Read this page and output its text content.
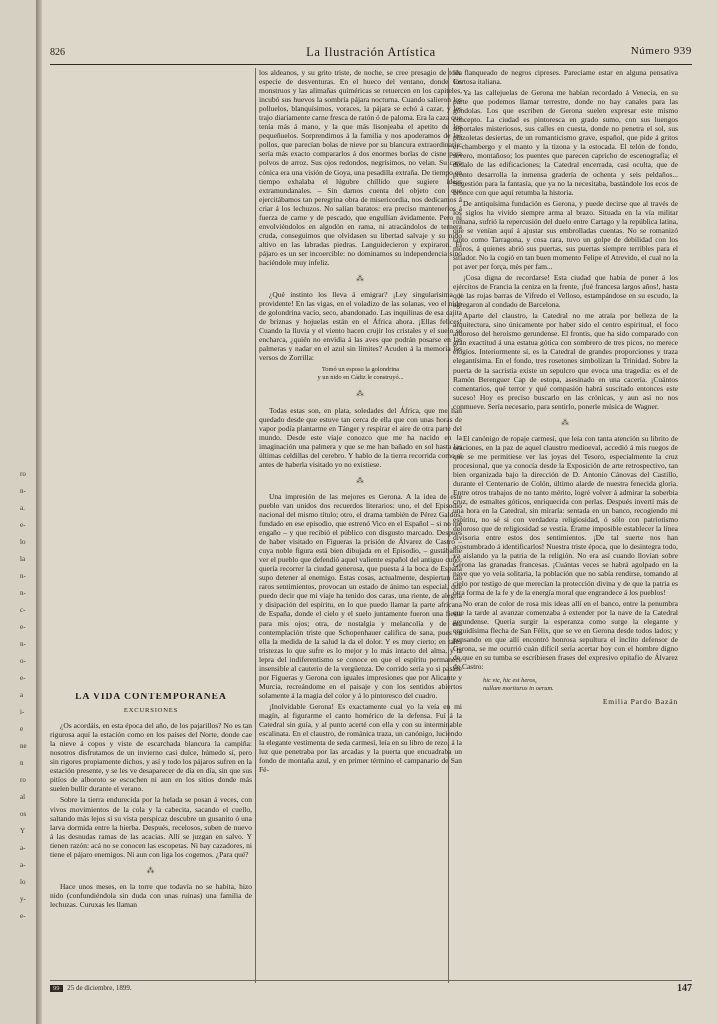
ro
n-
a.
e-
lo
la
n-
n-
c-
e-
n-
o-
e-
a
i-
e
ne
n
ro
al
os
Y
a-
a-
lo
y-
e-
826	La Ilustración Artística	Número 939
LA VIDA CONTEMPORÁNEA
EXCURSIONES

¿Os acordáis, en esta época del año, de los pajarillos? No es tan rigurosa aquí la estación como en los países del Norte, donde cae la nieve á copos y viste de escarchada blancura la campiña: nosotros disfrutamos de un invierno casi dulce, húmedo sí, pero sin rigores propiamente dichos, y así y todo los pájaros sufren en la estación presente, y se les ve desaparecer de día en día, sin que sus pitíos de alboroto se escuchen ni aun en los sitios donde más suelen bullir durante el verano.

Sobre la tierra endurecida por la helada se posan á veces, con vivos movimientos de la cola y la cabecita, sacando el cuello, saltando más lejos si su vista perspicaz descubre un gusanito ó una larva dormida entre la hierba. Después, recelosos, suben de nuevo á las desnudas ramas de las acacias. Allí se juzgan en salvo. Y tienen razón: acá no se conocen las escopetas. Ni hay cazadores, ni tiene el pájaro enemigos. Ni aun con liga los cogemos. ¿Para qué?

⁂

Hace unos meses, en la torre que todavía no se habita, hizo nido (confundiéndola sin duda con unas ruinas) una familia de lechuzas. Curuxas les llaman

los aldeanos, y su grito triste, de noche, se cree presagio de toda especie de desventuras. En el hueco del ventano, donde los monstruos y las alimañas quiméricas se retuercen en los capiteles, incubó sus huevos la sombría pájara nocturna. Cuando salieron los polluelos, blanquísimos, voraces, la pájara se echó á cazar, y les trajo diariamente carne fresca de ratón ó de paloma. Era la caza que tenía más á mano, y la que más lisonjeaba el apetito de los pequeñuelos. Sorprendimos á la familia y nos apoderamos de los pollos, que parecían bolas de nieve por su blancura extraordinaria; sería más exacto compararlos á dos enormes borlas de cisne para polvos de arroz. Sus ojos redondos, negrísimos, no velan. Su cara cónica era una visión de Goya, una pesadilla extraña. De tiempo en tiempo exhalaba el lúgubre chillido que sugiere ideas extramundanales. – Sin darnos cuenta del objeto con que ejercitábamos tan peregrina obra de misericordia, nos dedicamos á criar á los lechuzos. No salían baratos: era preciso mantenerlos á fuerza de carne y de pescado, que engullían ávidamente. Pero ni envolviéndolos en algodón en rama, ni atracándolos de ternera cruda, conseguimos que olvidasen su libertad salvaje y su nido altivo en las labradas piedras. Languidecieron y expiraron. El pájaro es un ser incoercible: no dominamos su independencia sino haciéndole muy infeliz.

⁂

¿Qué instinto los lleva á emigrar? ¡Ley singularísima y providente! En las vigas, en el voladizo de las solanas, veo el nido de golondrina vacío, seco, abandonado. Las inquilinas de esa cajita de briznas y hojuelas están en el África ahora. ¡Ellas felices! Cuando la lluvia y el viento hacen crujir los cristales y el suelo se encharca, ¿quién no envidia á las aves que podrán posarse en las palmeras y nadar en el azul sin límites? Acuden á la memoria los versos de Zorrilla:

Tomó un esposo la golondrina
y un nido en Cádiz le construyó...
⁂

Todas estas son, en plata, soledades del África, que me han quedado desde que estuve tan cerca de ella que con unas horas de vapor podía plantarme en Tánger y respirar el aire de otra parte del mundo. Desde este viaje conozco que me ha nacido en la imaginación una palmera y que se me han bañado en sol hasta las últimas celdillas del cerebro. Y hablo de la tierra recorrida como si antes de haberla visitado yo no existiese.

⁂

Una impresión de las mejores es Gerona. A la idea de este pueblo van unidos dos recuerdos literarios: uno, el del Episodio nacional del mismo título; otro, el drama también de Pérez Galdós, fundado en ese episodio, que estrenó Vico en el Español – si no me engaño – y que recibió el público con disgusto marcado. Después de haber visitado en Figueras la prisión de Álvarez de Castro – cuya noble figura está bien dibujada en el Episodio, – gustábame ver el pueblo que defendió aquel valiente español del antiguo cuño; quería recorrer la ciudad generosa, que puesta á la boca de España supo detener al enemigo. Estas cosas, actualmente, despiertan tan raros sentimientos, provocan un estado de ánimo tan especial, que puedo decir que mi viaje ha tenido dos caras, una riente, de alegría y disipación del espíritu, en lo que puedo llamar la parte africana de España, donde el cielo y el suelo juntamente fueron una fiesta para mis ojos; otra, de nostalgia y melancolía y de esa contemplación triste que Schopenhauer califica de sana, pues en ella la medida de la salud la da el dolor. Y es muy cierto; en tales tristezas lo que sufre es lo mejor y lo más intacto del alma, y la lepra del indiferentismo se conoce en que el espíritu permanece insensible al cauterio de la vergüenza. De corrido sería yo si pasase por Figueras y Gerona con iguales impresiones que por Alicante y Murcia, recreándome en el paisaje y con los sentidos abiertos solamente á la magia del color y á lo pintoresco del cuadro.

¡Inolvidable Gerona! Es exactamente cual yo la veía en mi magín, al figurarme el canto homérico de la defensa. Fuí á la Catedral sin guía, y al punto acerté con ella y con su interminable escalinata. En el claustro, de románica traza, un canónigo, luciendo la elegante vestimenta de seda carmesí, leía en su libro de rezo, á la luz que penetraba por las arcadas y la puerta que encuadraba un fondo de montaña azul, y en primer término el campanario de San Fé-

lix flanqueado de negros cipreses. Pareciame estar en alguna pensativa Certosa italiana.

Ya las callejuelas de Gerona me habían recordado á Venecia, en su parte que podemos llamar terrestre, donde no hay canales para las góndolas. Los que escriben de Gerona suelen expresar este mismo concepto. La ciudad es pintoresca en grado sumo, con sus luengos soportales misteriosos, sus calles en cuesta, donde no penetra el sol, sus plazoletas desiertas, de un romanticismo grave, español, que pide á gritos el chambergo y el manto y la tizona y la estocada. El telón de fondo, severo, montañoso; los puentes que parecen capricho de escenografía; el dédalo de las edificaciones; la Catedral encerrada, casi oculta, que de pronto desarrolla la inmensa gradería de ochenta y seis peldaños... Sugestión para la fantasía, que ya no la necesitaba, bastándole los ecos de bronce con que aquí retumba la historia.

De antiquísima fundación es Gerona, y puede decirse que al través de los siglos ha vivido siempre arma al brazo. Situada en la vía militar romana, sufrió la repercusión del duelo entre Cartago y la república latina, que se venían aquí á ajustar sus embrolladas cuentas. No se romanizó tanto como Tarragona, y cosa rara, tuvo un golpe de debilidad con los moros, á quienes abrió sus puertas, sus puertas siempre terribles para el sitiador. No la cogió en tan buen momento Felipe el Atrevido, el cual no la pot aver per força, mès per fam...

¡Cosa digna de recordarse! Esta ciudad que había de poner á los ejércitos de Francia la ceniza en la frente, ¡fué francesa largos años!, hasta que las rojas barras de Vifredo el Velloso, estampándose en su escudo, la agregaron al condado de Barcelona.

Aparte del claustro, la Catedral no me atraía por belleza de la arquitectura, sino únicamente por haber sido el centro espiritual, el foco ardoroso del heroísmo gerundense. El frontis, que ha sido comparado con gran exactitud á una estatua gótica con sombrero de tres picos, no merece elogios. Interiormente sí, es la Catedral de grandes proporciones y traza elegantísima. En el fondo, tres rosetones simbolizan la Trinidad. Sobre la puerta de la sacristía existe un sepulcro que evoca una tragedia: es el de Ramón Berenguer Cap de estopa, asesinado en una cacería. ¡Cuántos comentarios, qué terror y qué compasión habrá suscitado entonces este suceso! Hoy es preciso buscarlo en las crónicas, y aun así no nos conmueve. Sería necesario, para sentirlo, ponerle música de Wagner.

⁂

El canónigo de ropaje carmesí, que leía con tanta atención su librito de oraciones, en la paz de aquel claustro medioeval, accedió á mis ruegos de que se me permitiese ver las joyas del Tesoro, especialmente la cruz procesional, que ya conocía desde la Exposición de arte retrospectivo, tan bien organizada bajo la dirección de D. Antonio Cánovas del Castillo, durante el Centenario de Colón, último alarde de nuestra fenecida gloria. Entre otros trabajos de no tanto mérito, logré volver á admirar la soberbia cruz, de esmaltes góticos, enriquecida con perlas. Después invertí más de una hora en la Catedral, sin mirarla: sentada en un banco, recogiendo mi espíritu, no sé si con verdadera religiosidad, ó sólo con patriotismo doloroso que de religiosidad se vestía. Érame imposible establecer la línea divisoria entre estos dos sentimientos. ¡De tal suerte nos han acostumbrado á identificarlos! Nuestra triste época, que lo desintegra todo, va aislando ya la patria de la religión. No era así cuando llovían sobre Gerona las granadas francesas. ¡Cuántas veces se habrá agolpado en la nave que yo veía solitaria, la población que no sabía rendirse, tomando al cielo por testigo de que merecían la protección divina y de que la patria es otra forma de la fe y de la energía moral que engrandece á los pueblos!

No eran de color de rosa mis ideas allí en el banco, entre la penumbra que la tarde al avanzar comenzaba á extender por la nave de la Catedral gerundense. Quería surgir la esperanza como surge la elegante y erguidísima flecha de San Félix, que se ve en Gerona desde todos lados; y pensando en que allí encontró honrosa sepultura el ínclito defensor de Gerona, se me ocurrió cuán difícil sería acertar hoy con el hombre digno de que en su tumba se escribiesen frases del expresivo epitafio de Álvarez de Castro:

hic vic, hic est heros,
nullam moriturus in oerum.
Emilia Pardo Bazán
99 25 de diciembre, 1899.	147
